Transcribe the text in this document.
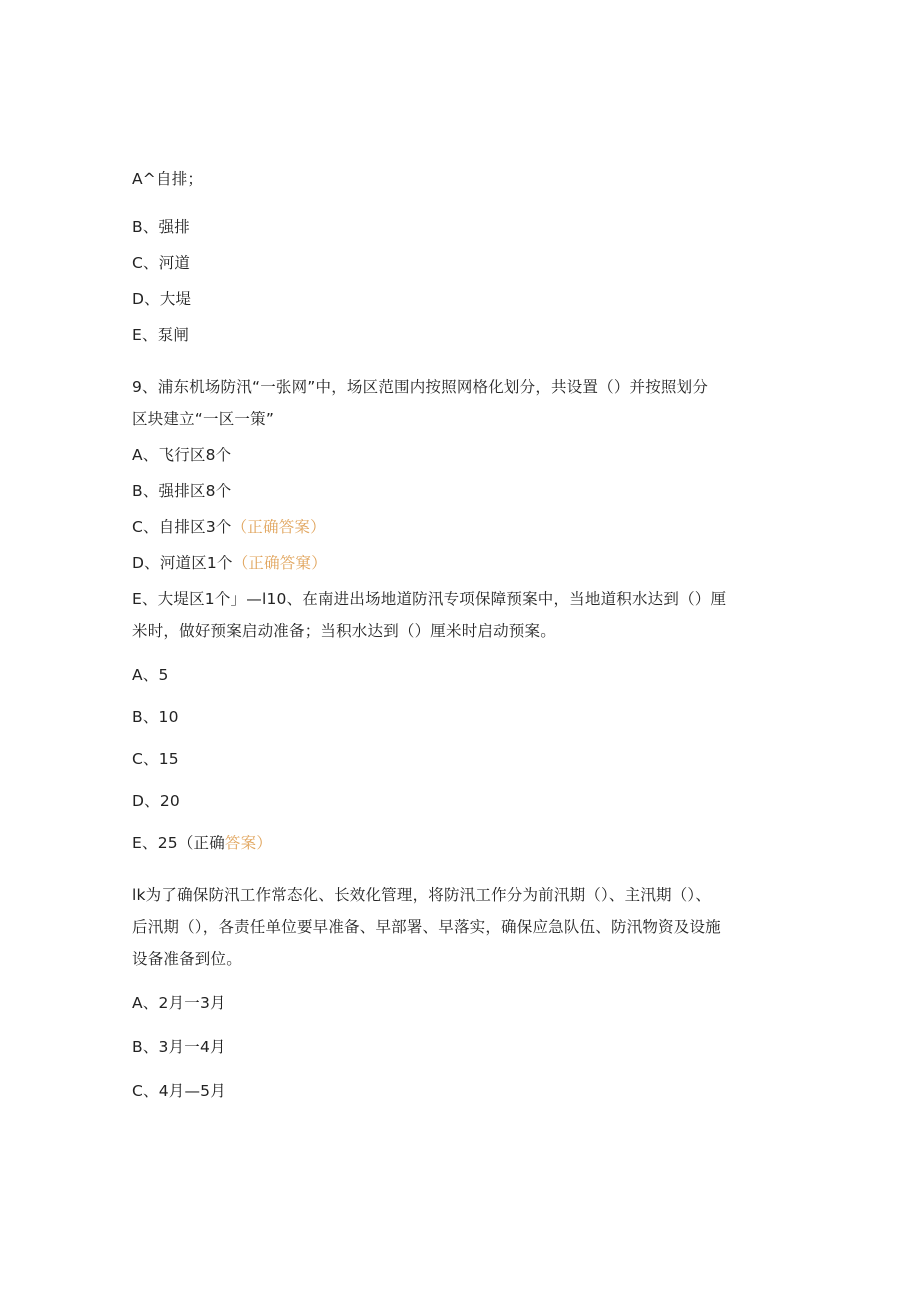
A^自排；
B、强排
C、河道
D、大堤
E、泵闸
9、浦东机场防汛“一张网”中，场区范围内按照网格化划分，共设置（）并按照划分
区块建立“一区一策”
A、飞行区8个
B、强排区8个
C、自排区3个（正确答案）
D、河道区1个（正确答窠）
E、大堤区1个」—l10、在南进出场地道防汛专项保障预案中，当地道积水达到（）厘
米时，做好预案启动准备；当积水达到（）厘米时启动预案。
A、5
B、10
C、15
D、20
E、25（正确答案）
lk为了确保防汛工作常态化、长效化管理，将防汛工作分为前汛期（）、主汛期（）、
后汛期（），各责任单位要早准备、早部署、早落实，确保应急队伍、防汛物资及设施
设备准备到位。
A、2月一3月
B、3月一4月
C、4月—5月
